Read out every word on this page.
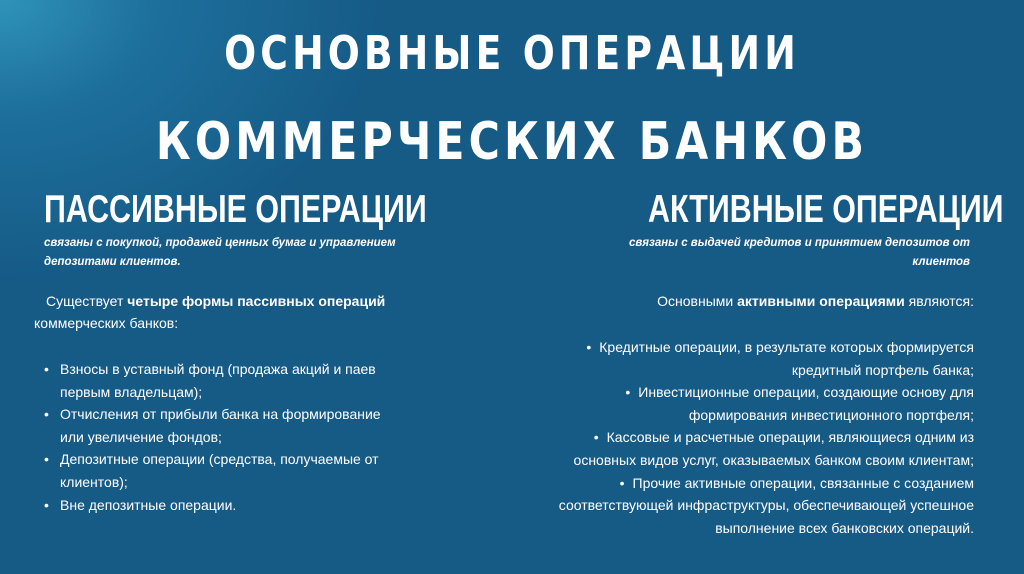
ОСНОВНЫЕ ОПЕРАЦИИ
КОММЕРЧЕСКИХ БАНКОВ
ПАССИВНЫЕ ОПЕРАЦИИ
связаны с покупкой, продажей ценных бумаг и управлением депозитами клиентов.
Существует четыре формы пассивных операций коммерческих банков:
• Взносы в уставный фонд (продажа акций и паев первым владельцам);
• Отчисления от прибыли банка на формирование или увеличение фондов;
• Депозитные операции (средства, получаемые от клиентов);
• Вне депозитные операции.
АКТИВНЫЕ ОПЕРАЦИИ
связаны с выдачей кредитов и принятием депозитов от клиентов
Основными активными операциями являются:
• Кредитные операции, в результате которых формируется кредитный портфель банка;
• Инвестиционные операции, создающие основу для формирования инвестиционного портфеля;
• Кассовые и расчетные операции, являющиеся одним из основных видов услуг, оказываемых банком своим клиентам;
• Прочие активные операции, связанные с созданием соответствующей инфраструктуры, обеспечивающей успешное выполнение всех банковских операций.
